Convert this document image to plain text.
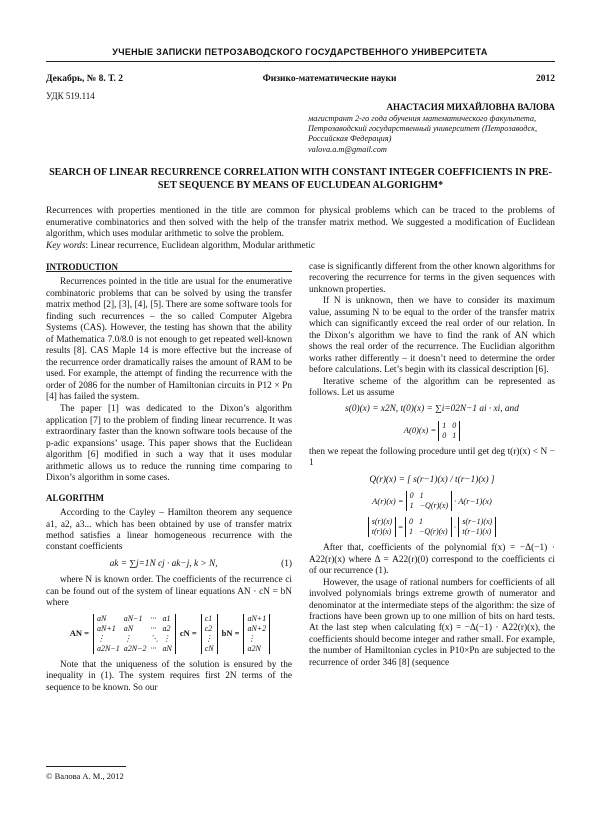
УЧЕНЫЕ ЗАПИСКИ ПЕТРОЗАВОДСКОГО ГОСУДАРСТВЕННОГО УНИВЕРСИТЕТА
Декабрь, № 8. Т. 2	Физико-математические науки	2012
УДК 519.114
АНАСТАСИЯ МИХАЙЛОВНА ВАЛОВА
магистрант 2-го года обучения математического факультета, Петрозаводский государственный университет (Петрозаводск, Российская Федерация)
valova.a.m@gmail.com
SEARCH OF LINEAR RECURRENCE CORRELATION WITH CONSTANT INTEGER COEFFICIENTS IN PRE-SET SEQUENCE BY MEANS OF EUCLUDEAN ALGORIGHM*
Recurrences with properties mentioned in the title are common for physical problems which can be traced to the problems of enumerative combinatorics and then solved with the help of the transfer matrix method. We suggested a modification of Euclidean algorithm, which uses modular arithmetic to solve the problem.
Key words: Linear recurrence, Euclidean algorithm, Modular arithmetic
INTRODUCTION

Recurrences pointed in the title are usual for the enumerative combinatoric problems that can be solved by using the transfer matrix method [2], [3], [4], [5]. There are some software tools for finding such recurrences – the so called Computer Algebra Systems (CAS). However, the testing has shown that the ability of Mathematica 7.0/8.0 is not enough to get repeated well-known results [8]. CAS Maple 14 is more effective but the increase of the recurrence order dramatically raises the amount of RAM to be used. For example, the attempt of finding the recurrence with the order of 2086 for the number of Hamiltonian circuits in P12 × Pn [4] has failed the system.

The paper [1] was dedicated to the Dixon’s algorithm application [7] to the problem of finding linear recurrence. It was extraordinary faster than the known software tools because of the p-adic expansions’ usage. This paper shows that the Euclidean algorithm [6] modified in such a way that it uses modular arithmetic allows us to reduce the running time comparing to Dixon’s algorithm in some cases.

ALGORITHM

According to the Cayley – Hamilton theorem any sequence a1, a2, a3... which has been obtained by use of transfer matrix method satisfies a linear homogeneous recurrence with the constant coefficients

ak = ∑j=1N cj · ak−j, k > N,	(1)

where N is known order. The coefficients of the recurrence ci can be found out of the system of linear equations AN · cN = bN where

AN =
aN	aN−1	··· a1
aN+1	aN	··· a2
⋮	⋮	⋱ ⋮
a2N−1 a2N−2 ··· aN
cN =
c1
c2
⋮
cN
bN =
aN+1
aN+2
⋮
a2N

Note that the uniqueness of the solution is ensured by the inequality in (1). The system requires first 2N terms of the sequence to be known. So our

case is significantly different from the other known algorithms for recovering the recurrence for terms in the given sequences with unknown properties.

If N is unknown, then we have to consider its maximum value, assuming N to be equal to the order of the transfer matrix which can significantly exceed the real order of our relation. In the Dixon’s algorithm we have to find the rank of AN which shows the real order of the recurrence. The Euclidian algorithm works rather differently – it doesn’t need to determine the order before calculations. Let’s begin with its classical description [6].

Iterative scheme of the algorithm can be represented as follows. Let us assume

s(0)(x) = x2N, t(0)(x) = ∑i=02N−1 ai · xi, and
A(0)(x) = 1 0
0 1

then we repeat the following procedure until get deg t(r)(x) < N − 1

Q(r)(x) = [ s(r−1)(x) / t(r−1)(x) ]
A(r)(x) = 0 1
1 −Q(r)(x)
· A(r−1)(x)
s(r)(x)
t(r)(x)
= 0 1
1 −Q(r)(x)
· s(r−1)(x)
t(r−1)(x)

After that, coefficients of the polynomial f(x) = −Δ(−1) · A22(r)(x) where Δ = A22(r)(0) correspond to the coefficients ci of our recurrence (1).

However, the usage of rational numbers for coefficients of all involved polynomials brings extreme growth of numerator and denominator at the intermediate steps of the algorithm: the size of fractions have been grown up to one million of bits on hard tests. At the last step when calculating f(x) = −Δ(−1) · A22(r)(x), the coefficients should become integer and rather small. For example, the number of Hamiltonian cycles in P10×Pn are subjected to the recurrence of order 346 [8] (sequence

© Валова А. М., 2012
